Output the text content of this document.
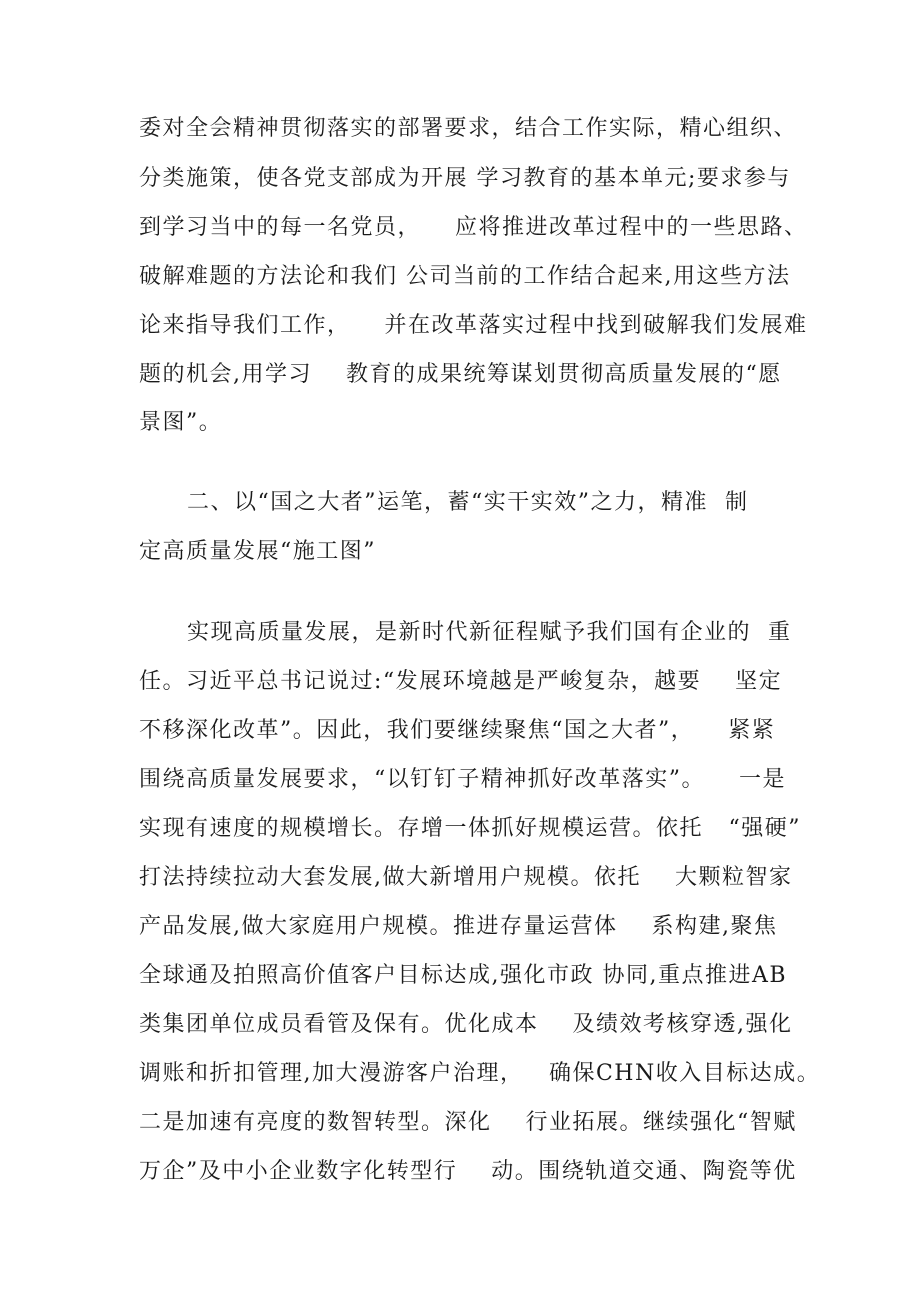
委对全会精神贯彻落实的部署要求，结合工作实际，精心组织、
分类施策，使各党支部成为开展 学习教育的基本单元;要求参与
到学习当中的每一名党员，    应将推进改革过程中的一些思路、
破解难题的方法论和我们 公司当前的工作结合起来,用这些方法
论来指导我们工作，    并在改革落实过程中找到破解我们发展难
题的机会,用学习    教育的成果统筹谋划贯彻高质量发展的“愿
景图”。
二、以“国之大者”运笔，蓄“实干实效”之力，精准  制
定高质量发展“施工图”
实现高质量发展，是新时代新征程赋予我们国有企业的  重
任。习近平总书记说过:“发展环境越是严峻复杂，越要    坚定
不移深化改革”。因此，我们要继续聚焦“国之大者”，    紧紧
围绕高质量发展要求，“以钉钉子精神抓好改革落实”。    一是
实现有速度的规模增长。存增一体抓好规模运营。依托   “强硬”
打法持续拉动大套发展,做大新增用户规模。依托    大颗粒智家
产品发展,做大家庭用户规模。推进存量运营体    系构建,聚焦
全球通及拍照高价值客户目标达成,强化市政 协同,重点推进AB
类集团单位成员看管及保有。优化成本    及绩效考核穿透,强化
调账和折扣管理,加大漫游客户治理，   确保CHN收入目标达成。
二是加速有亮度的数智转型。深化    行业拓展。继续强化“智赋
万企”及中小企业数字化转型行    动。围绕轨道交通、陶瓷等优
